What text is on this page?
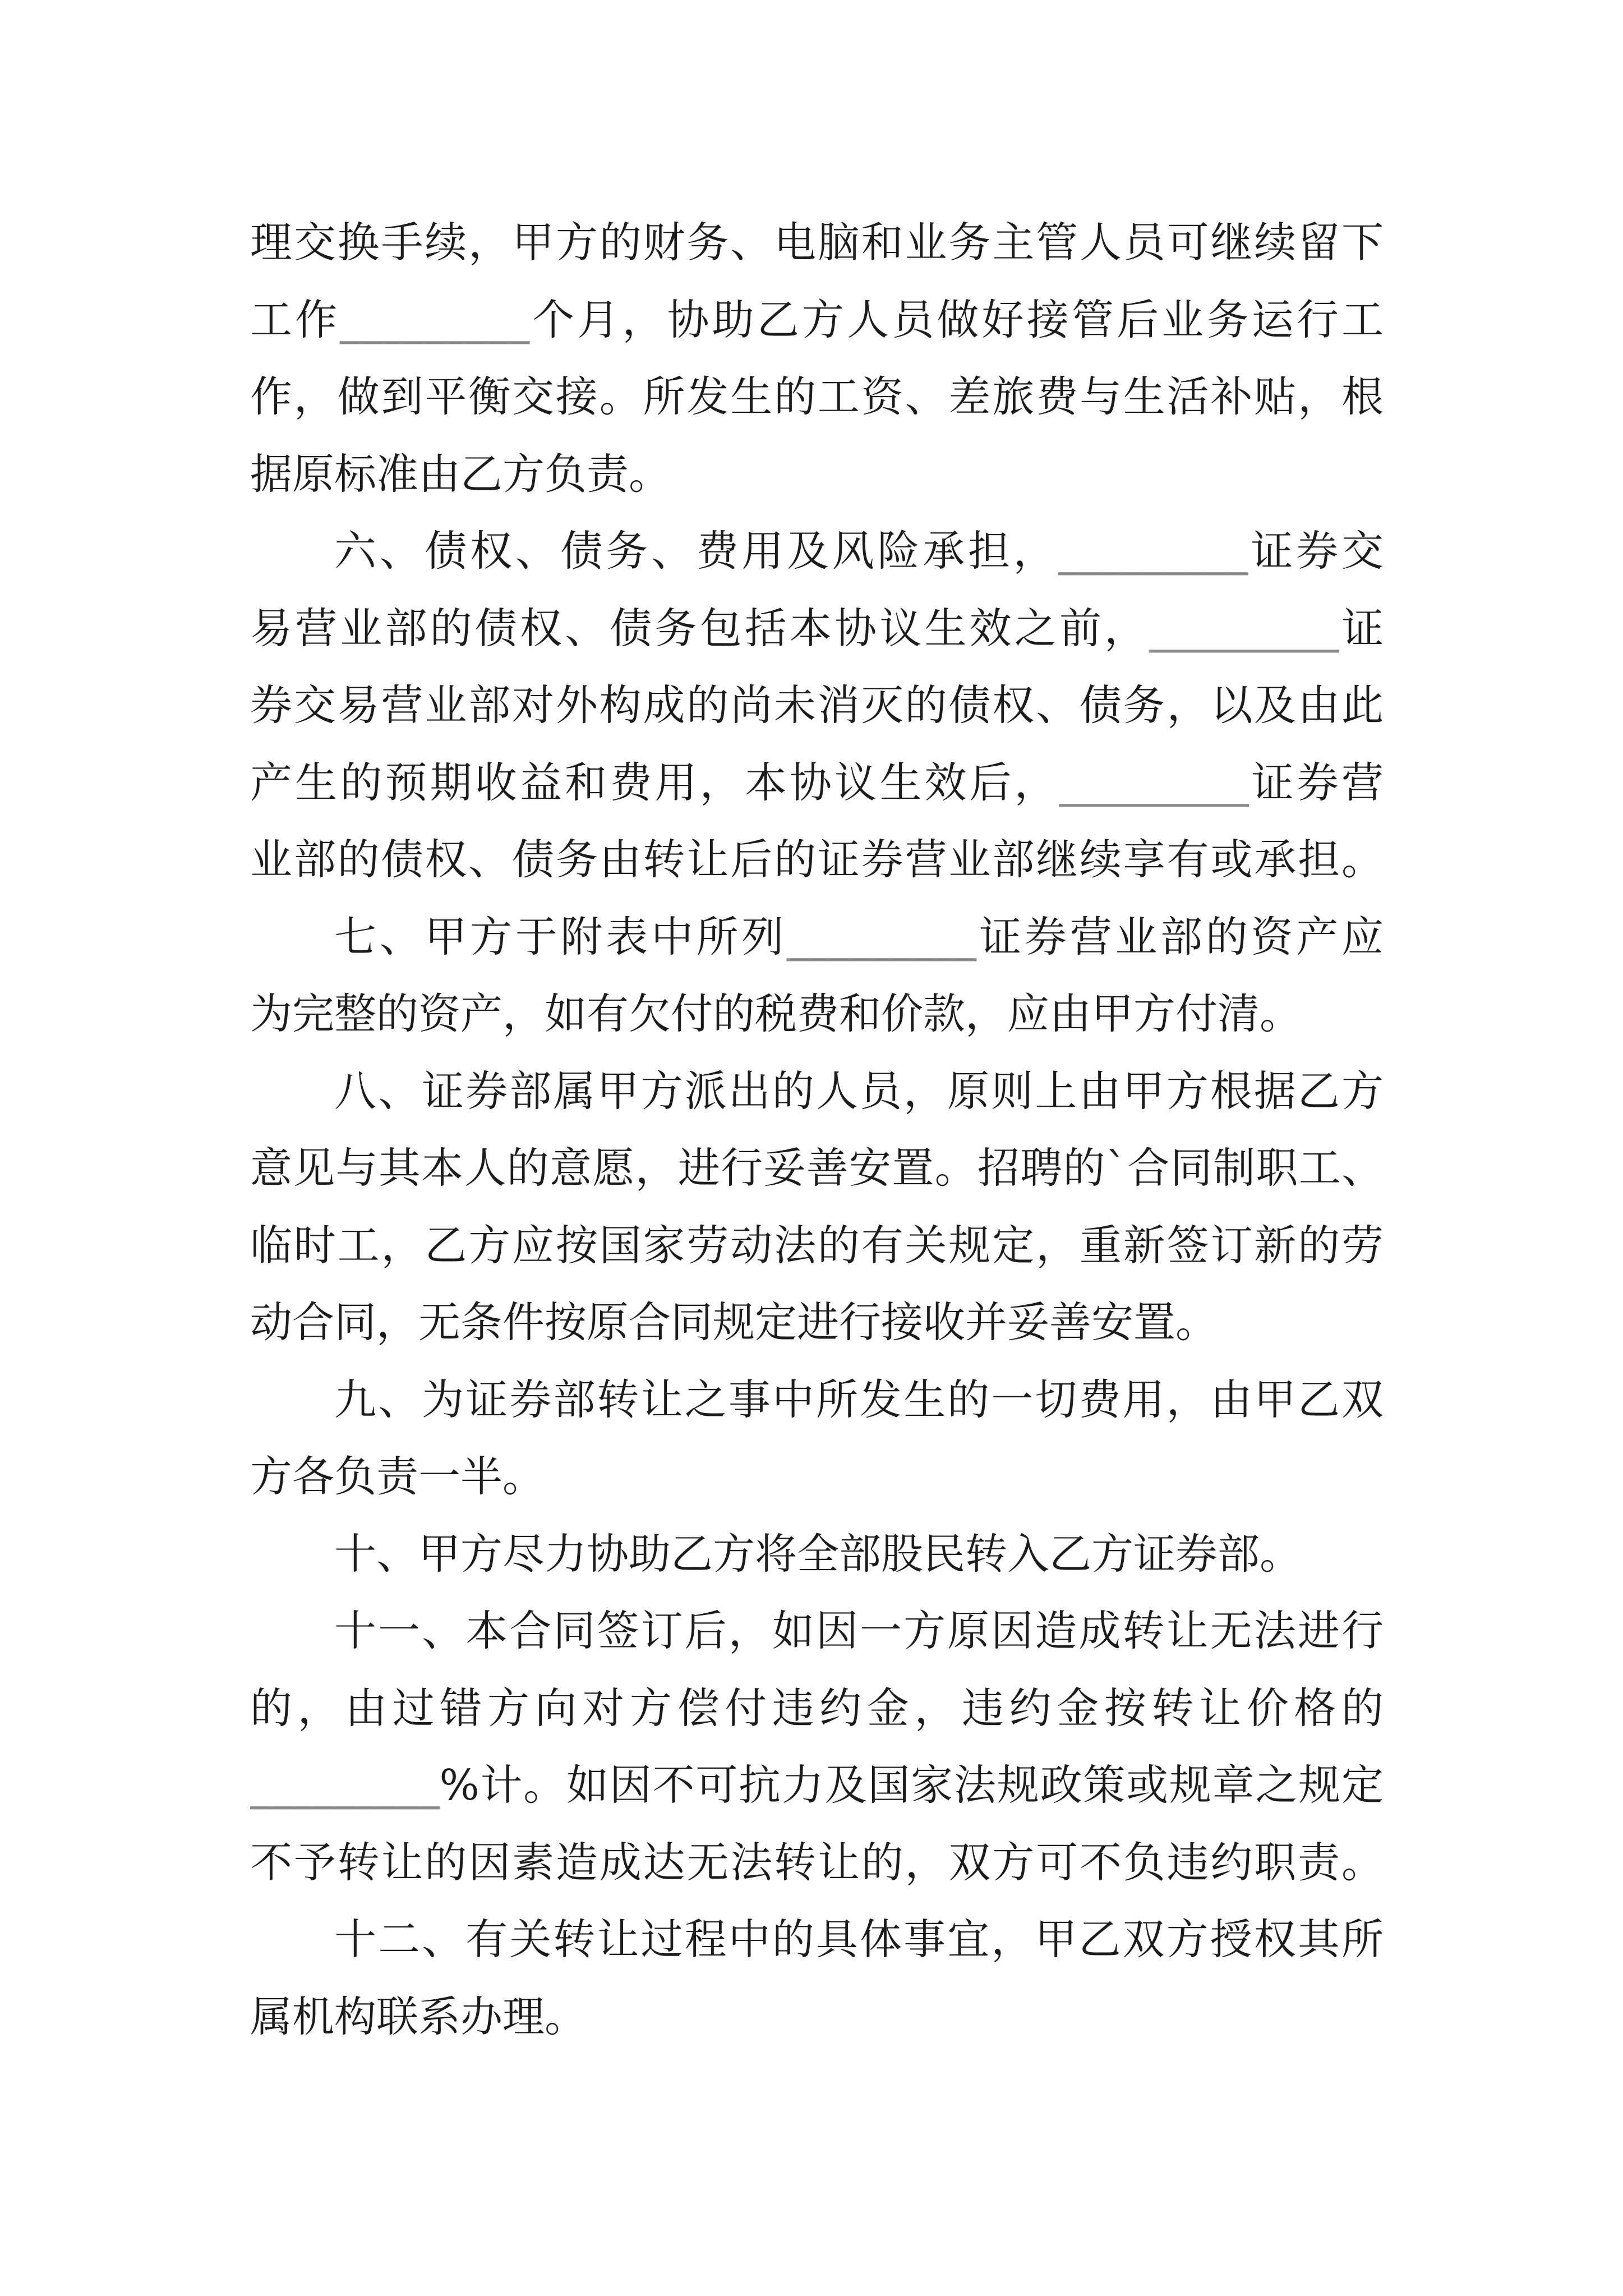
理交换手续，甲方的财务、电脑和业务主管人员可继续留下
工作_________个月，协助乙方人员做好接管后业务运行工
作，做到平衡交接。所发生的工资、差旅费与生活补贴，根
据原标准由乙方负责。
六、债权、债务、费用及风险承担，_________证券交
易营业部的债权、债务包括本协议生效之前，_________证
券交易营业部对外构成的尚未消灭的债权、债务，以及由此
产生的预期收益和费用，本协议生效后，_________证券营
业部的债权、债务由转让后的证券营业部继续享有或承担。
七、甲方于附表中所列_________证券营业部的资产应
为完整的资产，如有欠付的税费和价款，应由甲方付清。
八、证券部属甲方派出的人员，原则上由甲方根据乙方
意见与其本人的意愿，进行妥善安置。招聘的`合同制职工、
临时工，乙方应按国家劳动法的有关规定，重新签订新的劳
动合同，无条件按原合同规定进行接收并妥善安置。
九、为证券部转让之事中所发生的一切费用，由甲乙双
方各负责一半。
十、甲方尽力协助乙方将全部股民转入乙方证券部。
十一、本合同签订后，如因一方原因造成转让无法进行
的，由过错方向对方偿付违约金，违约金按转让价格的
_________%计。如因不可抗力及国家法规政策或规章之规定
不予转让的因素造成达无法转让的，双方可不负违约职责。
十二、有关转让过程中的具体事宜，甲乙双方授权其所
属机构联系办理。
